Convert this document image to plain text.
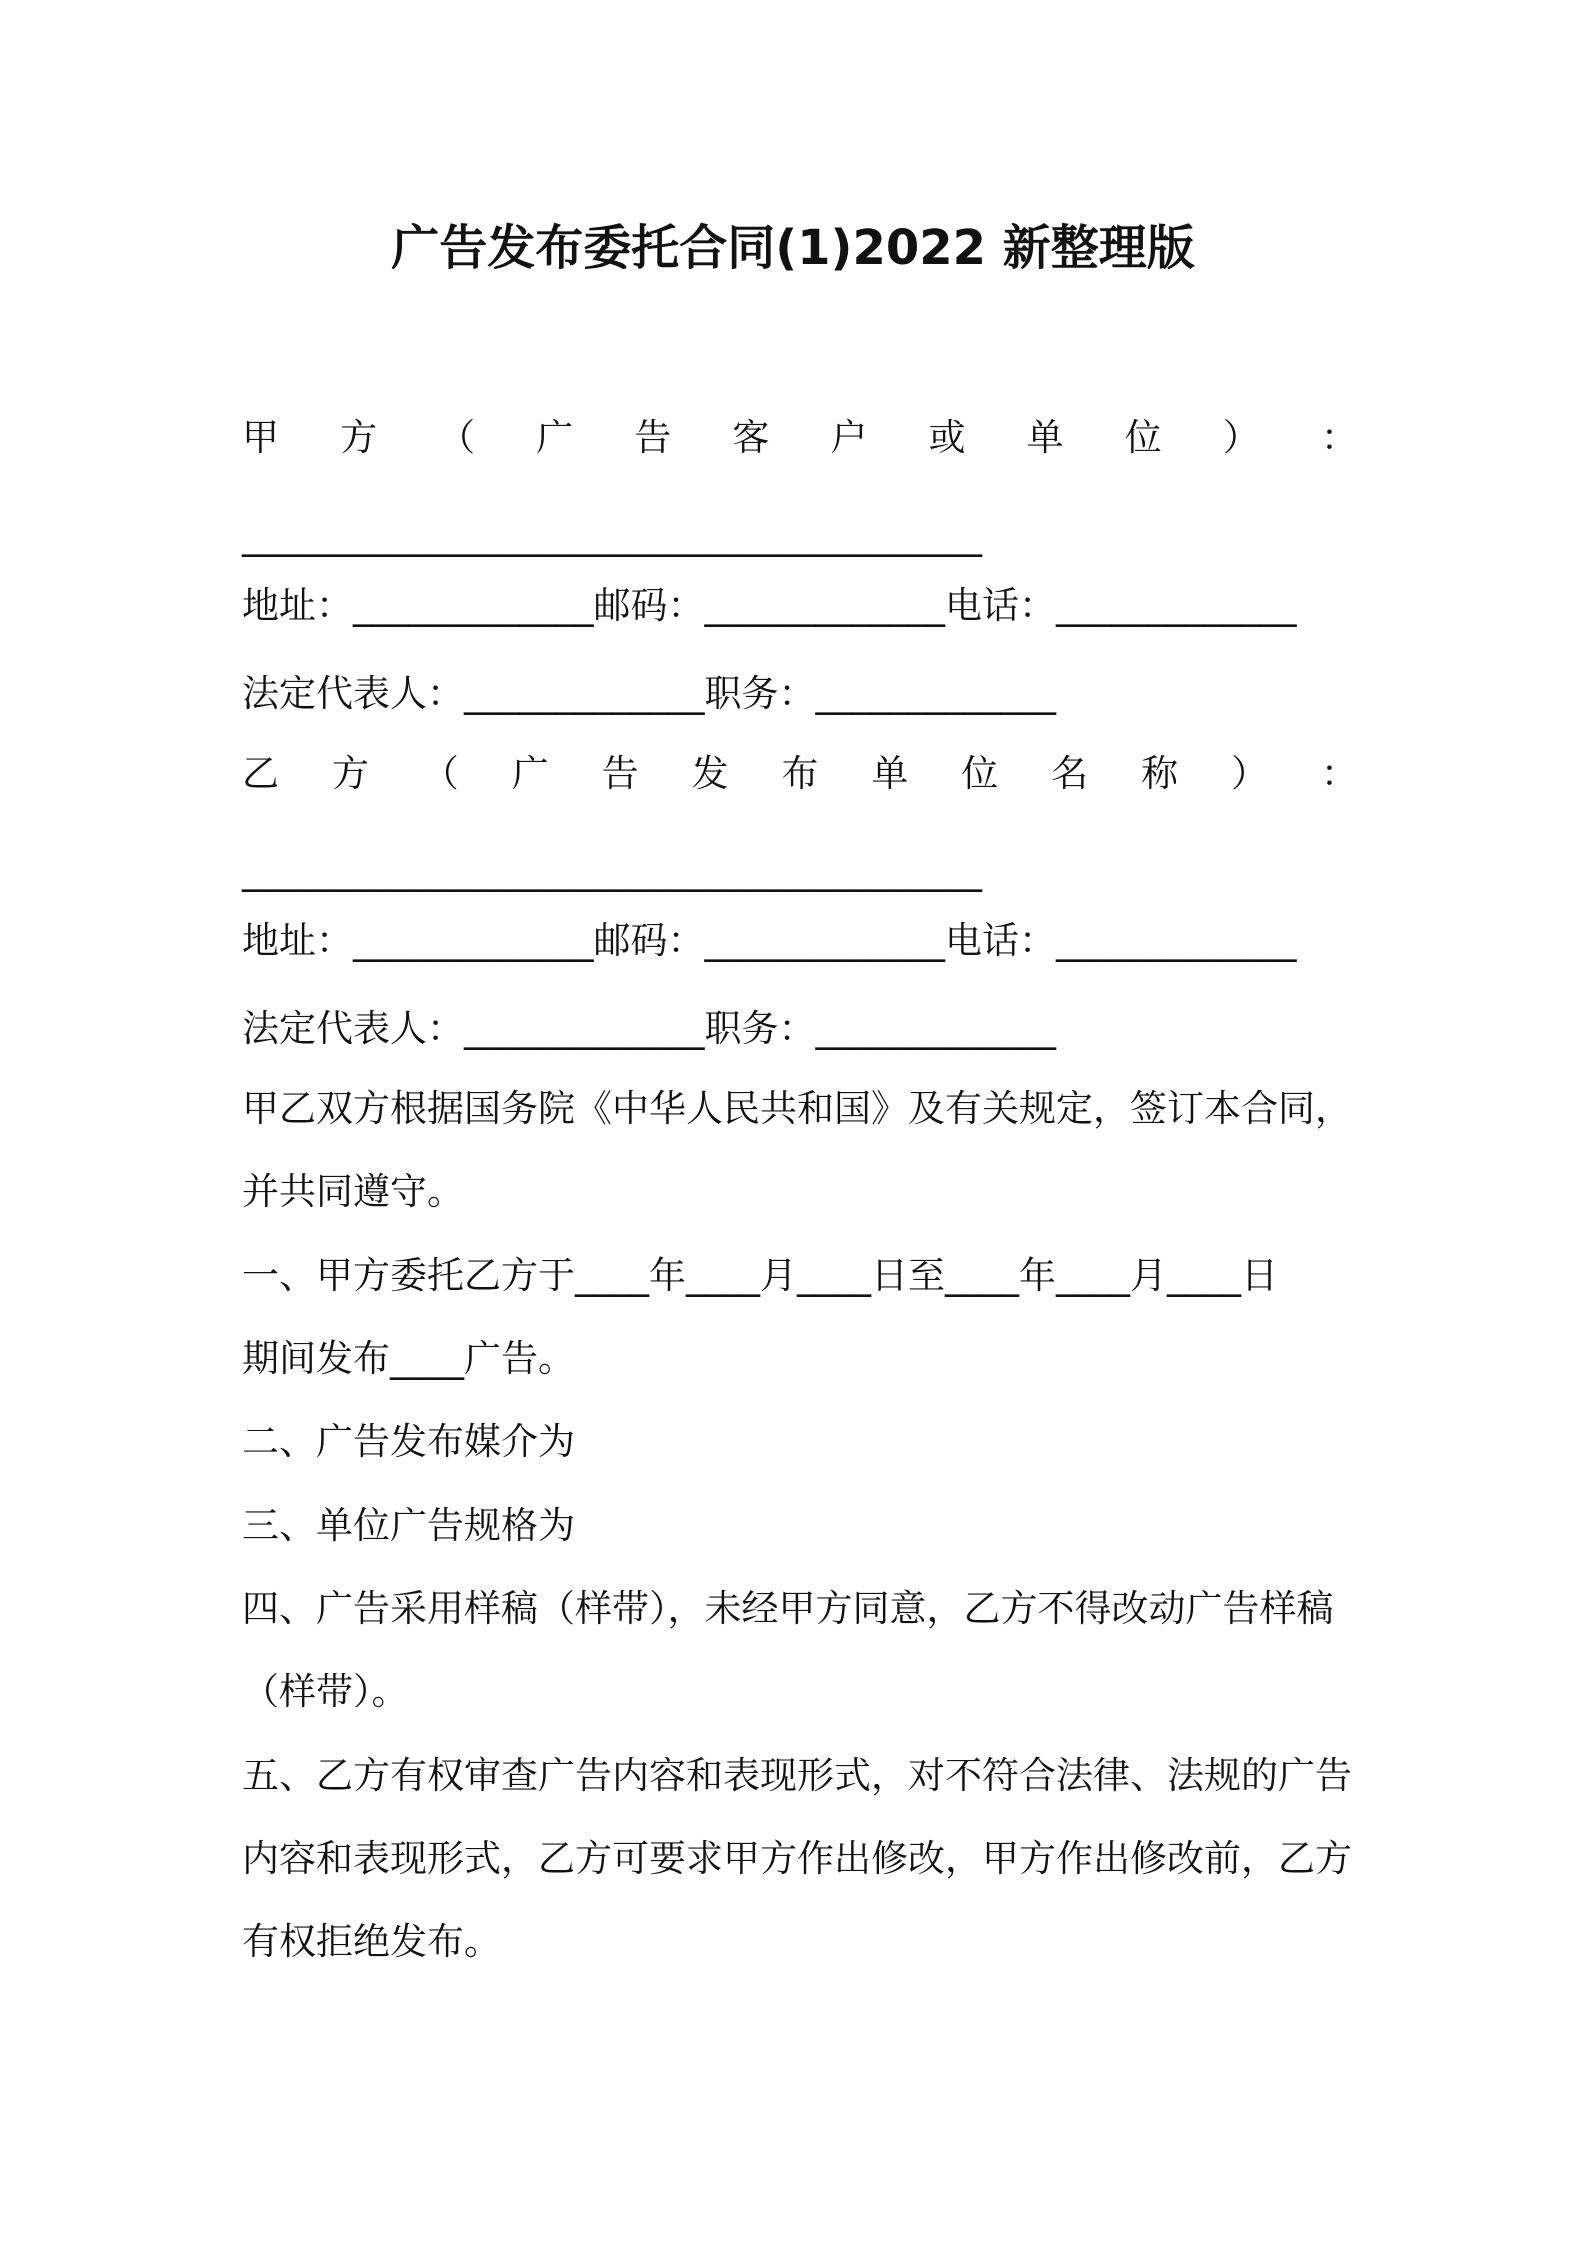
广告发布委托合同(1)2022 新整理版
甲 方 （ 广 告 客 户 或 单 位 ） ：
________________________________________
地址：_____________邮码：_____________电话：_____________
法定代表人：_____________职务：_____________
乙 方 （ 广 告 发 布 单 位 名 称 ） ：
________________________________________
地址：_____________邮码：_____________电话：_____________
法定代表人：_____________职务：_____________
甲乙双方根据国务院《中华人民共和国》及有关规定，签订本合同，
并共同遵守。
一、甲方委托乙方于____年____月____日至____年____月____日
期间发布____广告。
二、广告发布媒介为
三、单位广告规格为
四、广告采用样稿（样带），未经甲方同意，乙方不得改动广告样稿
（样带）。
五、乙方有权审查广告内容和表现形式，对不符合法律、法规的广告
内容和表现形式，乙方可要求甲方作出修改，甲方作出修改前，乙方
有权拒绝发布。
